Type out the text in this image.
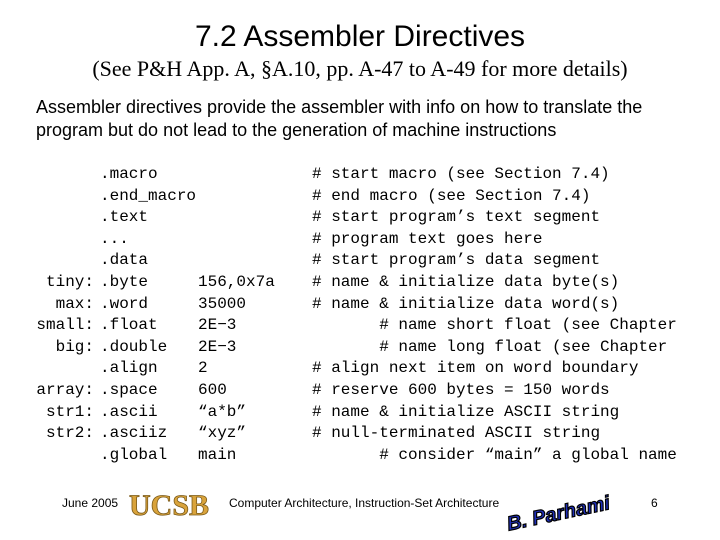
7.2 Assembler Directives
(See P&H App. A, §A.10, pp. A-47 to A-49 for more details)
Assembler directives provide the assembler with info on how to translate the program but do not lead to the generation of machine instructions
tiny:
max:
small:
big:
array:
str1:
str2:
.macro
.end_macro
.text
...
.data
.byte
.word
.float
.double
.align
.space
.ascii
.asciiz
.global
156,0x7a
35000
2E−3
2E−3
2
600
“a*b”
“xyz”
main
# start macro (see Section 7.4)
# end macro (see Section 7.4)
# start program’s text segment
# program text goes here
# start program’s data segment
# name & initialize data byte(s)
# name & initialize data word(s)
# name short float (see Chapter
# name long float (see Chapter
# align next item on word boundary
# reserve 600 bytes = 150 words
# name & initialize ASCII string
# null-terminated ASCII string
# consider “main” a global name
June 2005 UCSB Computer Architecture, Instruction-Set Architecture B. Parhami	6
